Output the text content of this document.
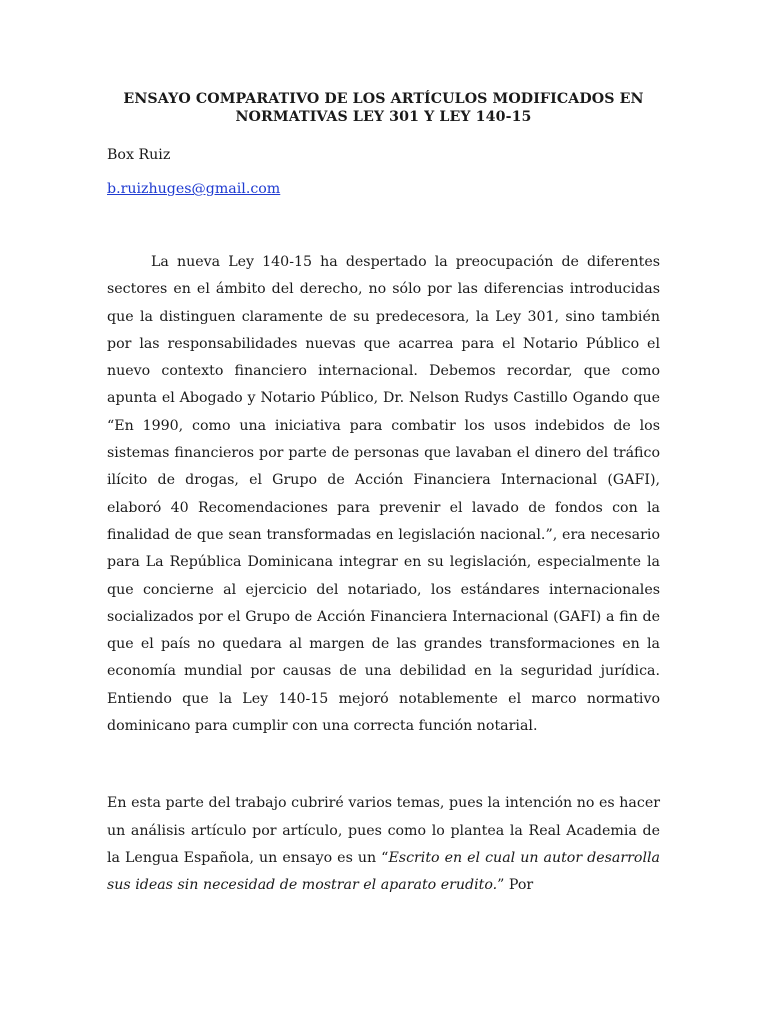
ENSAYO COMPARATIVO DE LOS ARTÍCULOS MODIFICADOS EN
NORMATIVAS LEY 301 Y LEY 140-15

Box Ruiz

b.ruizhuges@gmail.com

La nueva Ley 140-15 ha despertado la preocupación de diferentes sectores en el ámbito del derecho, no sólo por las diferencias introducidas que la distinguen claramente de su predecesora, la Ley 301, sino también por las responsabilidades nuevas que acarrea para el Notario Público el nuevo contexto financiero internacional. Debemos recordar, que como apunta el Abogado y Notario Público, Dr. Nelson Rudys Castillo Ogando que “En 1990, como una iniciativa para combatir los usos indebidos de los sistemas financieros por parte de personas que lavaban el dinero del tráfico ilícito de drogas, el Grupo de Acción Financiera Internacional (GAFI), elaboró 40 Recomendaciones para prevenir el lavado de fondos con la finalidad de que sean transformadas en legislación nacional.”, era necesario para La República Dominicana integrar en su legislación, especialmente la que concierne al ejercicio del notariado, los estándares internacionales socializados por el Grupo de Acción Financiera Internacional (GAFI) a fin de que el país no quedara al margen de las grandes transformaciones en la economía mundial por causas de una debilidad en la seguridad jurídica. Entiendo que la Ley 140-15 mejoró notablemente el marco normativo dominicano para cumplir con una correcta función notarial.

En esta parte del trabajo cubriré varios temas, pues la intención no es hacer un análisis artículo por artículo, pues como lo plantea la Real Academia de la Lengua Española, un ensayo es un “Escrito en el cual un autor desarrolla sus ideas sin necesidad de mostrar el aparato erudito.” Por
